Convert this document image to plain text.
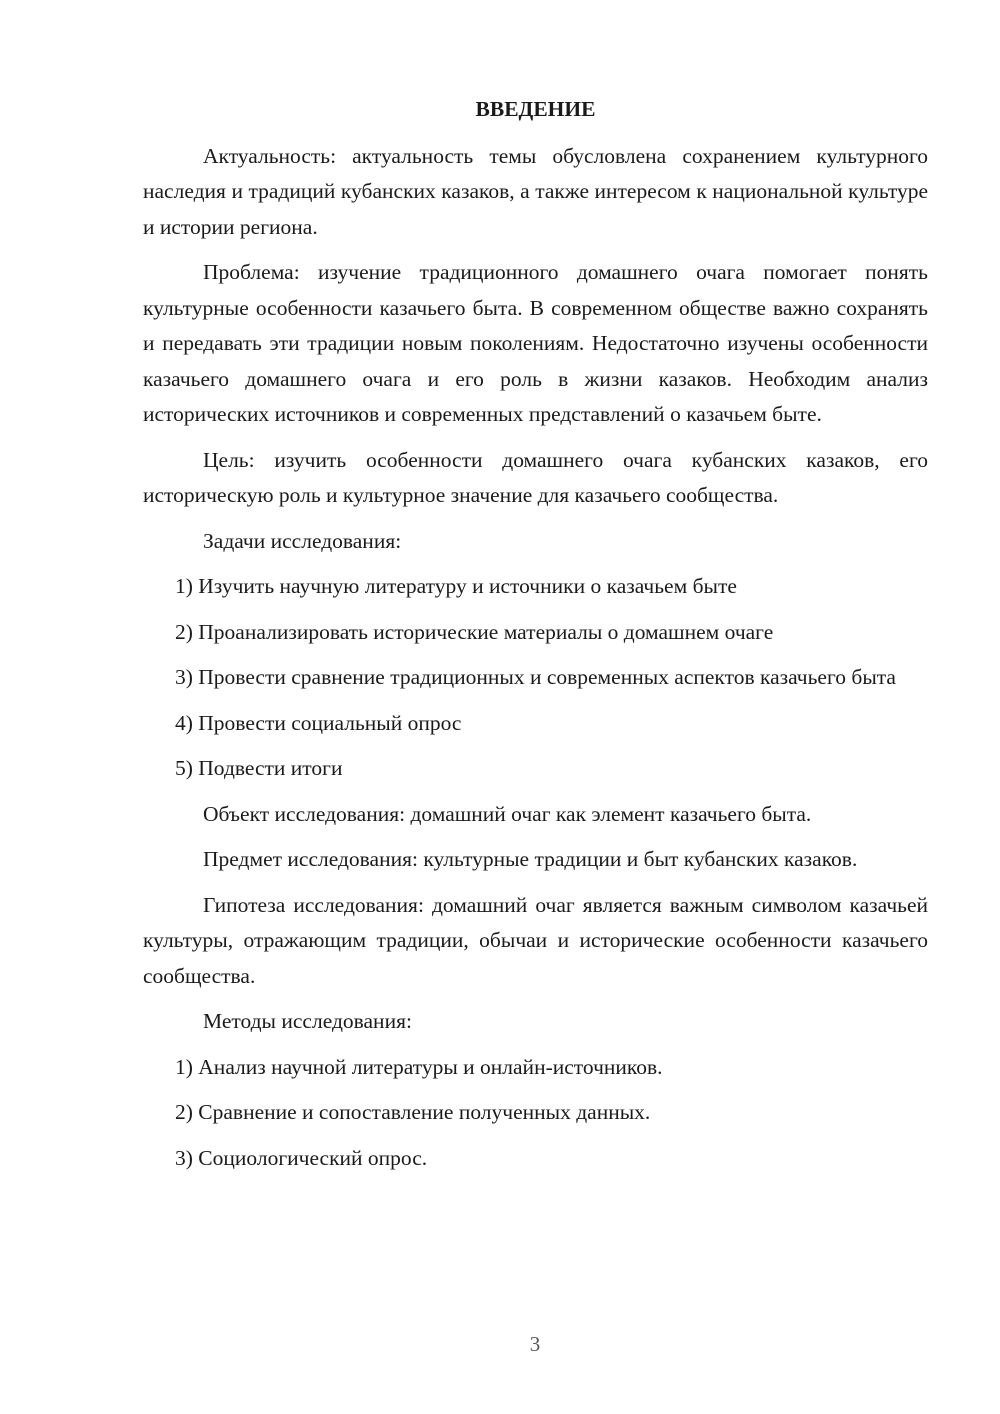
ВВЕДЕНИЕ

Актуальность: актуальность темы обусловлена сохранением культурного наследия и традиций кубанских казаков, а также интересом к национальной культуре и истории региона.

Проблема: изучение традиционного домашнего очага помогает понять культурные особенности казачьего быта. В современном обществе важно сохранять и передавать эти традиции новым поколениям. Недостаточно изучены особенности казачьего домашнего очага и его роль в жизни казаков. Необходим анализ исторических источников и современных представлений о казачьем быте.

Цель: изучить особенности домашнего очага кубанских казаков, его историческую роль и культурное значение для казачьего сообщества.

Задачи исследования:

1) Изучить научную литературу и источники о казачьем быте

2) Проанализировать исторические материалы о домашнем очаге

3) Провести сравнение традиционных и современных аспектов казачьего быта

4) Провести социальный опрос

5) Подвести итоги

Объект исследования: домашний очаг как элемент казачьего быта.

Предмет исследования: культурные традиции и быт кубанских казаков.

Гипотеза исследования: домашний очаг является важным символом казачьей культуры, отражающим традиции, обычаи и исторические особенности казачьего сообщества.

Методы исследования:

1) Анализ научной литературы и онлайн-источников.

2) Сравнение и сопоставление полученных данных.

3) Социологический опрос.

3
